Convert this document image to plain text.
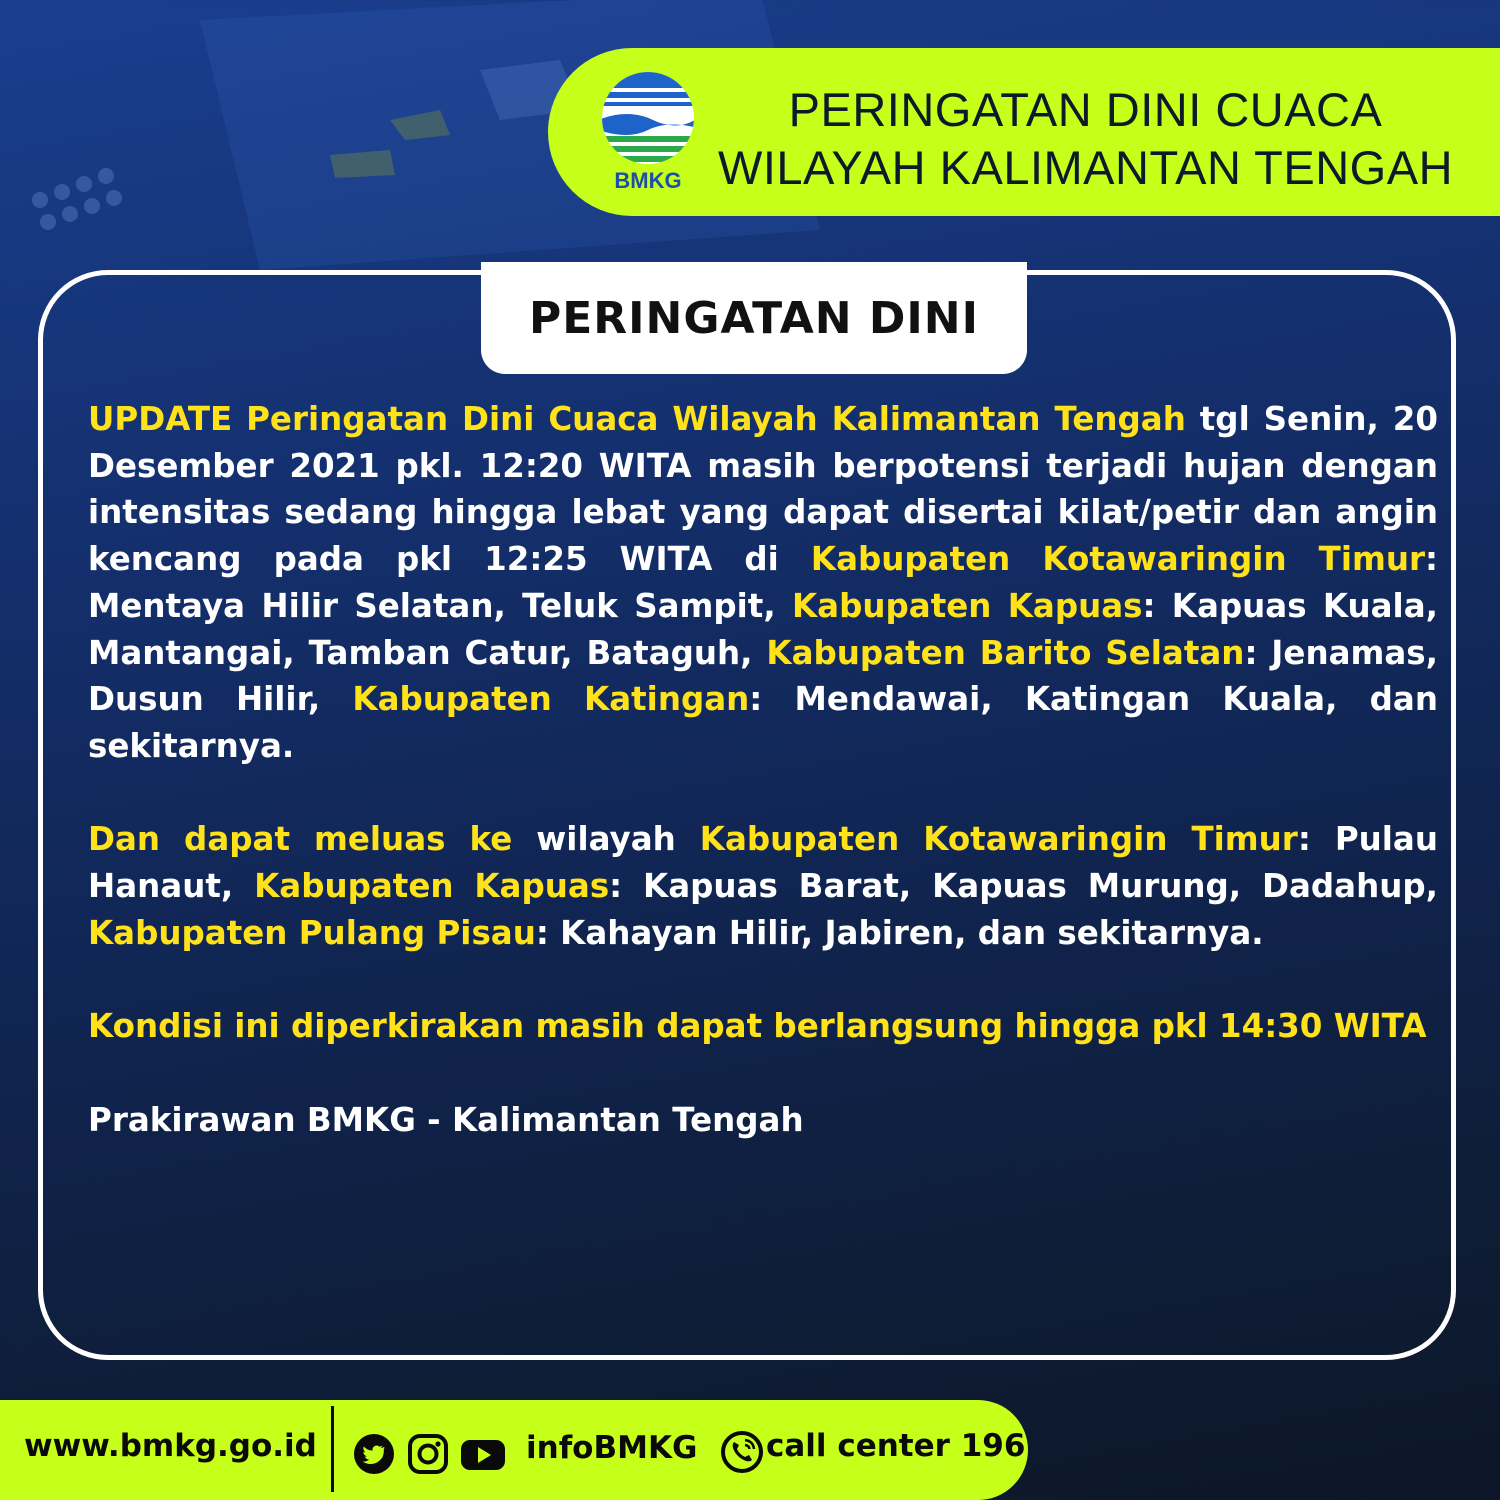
BMKG
PERINGATAN DINI CUACA
WILAYAH KALIMANTAN TENGAH
PERINGATAN DINI

UPDATE Peringatan Dini Cuaca Wilayah Kalimantan Tengah tgl Senin, 20 Desember 2021 pkl. 12:20 WITA masih berpotensi terjadi hujan dengan intensitas sedang hingga lebat yang dapat disertai kilat/petir dan angin kencang pada pkl 12:25 WITA di Kabupaten Kotawaringin Timur: Mentaya Hilir Selatan, Teluk Sampit, Kabupaten Kapuas: Kapuas Kuala, Mantangai, Tamban Catur, Bataguh, Kabupaten Barito Selatan: Jenamas, Dusun Hilir, Kabupaten Katingan: Mendawai, Katingan Kuala, dan sekitarnya.

Dan dapat meluas ke wilayah Kabupaten Kotawaringin Timur: Pulau Hanaut, Kabupaten Kapuas: Kapuas Barat, Kapuas Murung, Dadahup, Kabupaten Pulang Pisau: Kahayan Hilir, Jabiren, dan sekitarnya.

Kondisi ini diperkirakan masih dapat berlangsung hingga pkl 14:30 WITA

Prakirawan BMKG - Kalimantan Tengah

www.bmkg.go.id	infoBMKG call center 196
